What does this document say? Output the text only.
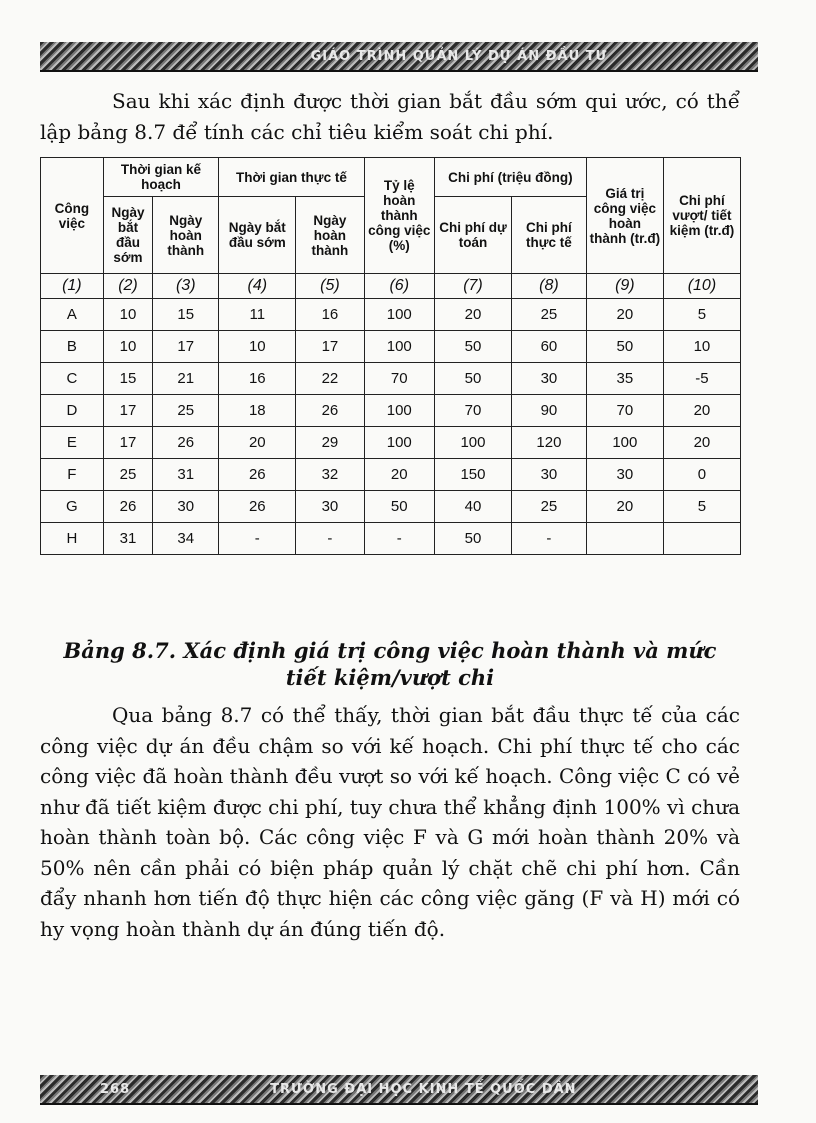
GIÁO TRÌNH QUẢN LÝ DỰ ÁN ĐẦU TƯ

Sau khi xác định được thời gian bắt đầu sớm qui ước, có thể lập bảng 8.7 để tính các chỉ tiêu kiểm soát chi phí.

Công việc	Thời gian kế hoạch		Thời gian thực tế		Tỷ lệ hoàn thành công việc (%)	Chi phí (triệu đồng)		Giá trị công việc hoàn thành (tr.đ)	Chi phí vượt/ tiết kiệm (tr.đ)
	Ngày bắt đầu sớm	Ngày hoàn thành	Ngày bắt đầu sớm	Ngày hoàn thành		Chi phí dự toán	Chi phí thực tế		
(1)	(2)	(3)	(4)	(5)	(6)	(7)	(8)	(9)	(10)
A	10	15	11	16	100	20	25	20	5
B	10	17	10	17	100	50	60	50	10
C	15	21	16	22	70	50	30	35	-5
D	17	25	18	26	100	70	90	70	20
E	17	26	20	29	100	100	120	100	20
F	25	31	26	32	20	150	30	30	0
G	26	30	26	30	50	40	25	20	5
H	31	34	-	-	-	50	-		

Bảng 8.7. Xác định giá trị công việc hoàn thành và mức tiết kiệm/vượt chi

Qua bảng 8.7 có thể thấy, thời gian bắt đầu thực tế của các công việc dự án đều chậm so với kế hoạch. Chi phí thực tế cho các công việc đã hoàn thành đều vượt so với kế hoạch. Công việc C có vẻ như đã tiết kiệm được chi phí, tuy chưa thể khẳng định 100% vì chưa hoàn thành toàn bộ. Các công việc F và G mới hoàn thành 20% và 50% nên cần phải có biện pháp quản lý chặt chẽ chi phí hơn. Cần đẩy nhanh hơn tiến độ thực hiện các công việc găng (F và H) mới có hy vọng hoàn thành dự án đúng tiến độ.

268	TRƯỜNG ĐẠI HỌC KINH TẾ QUỐC DÂN
